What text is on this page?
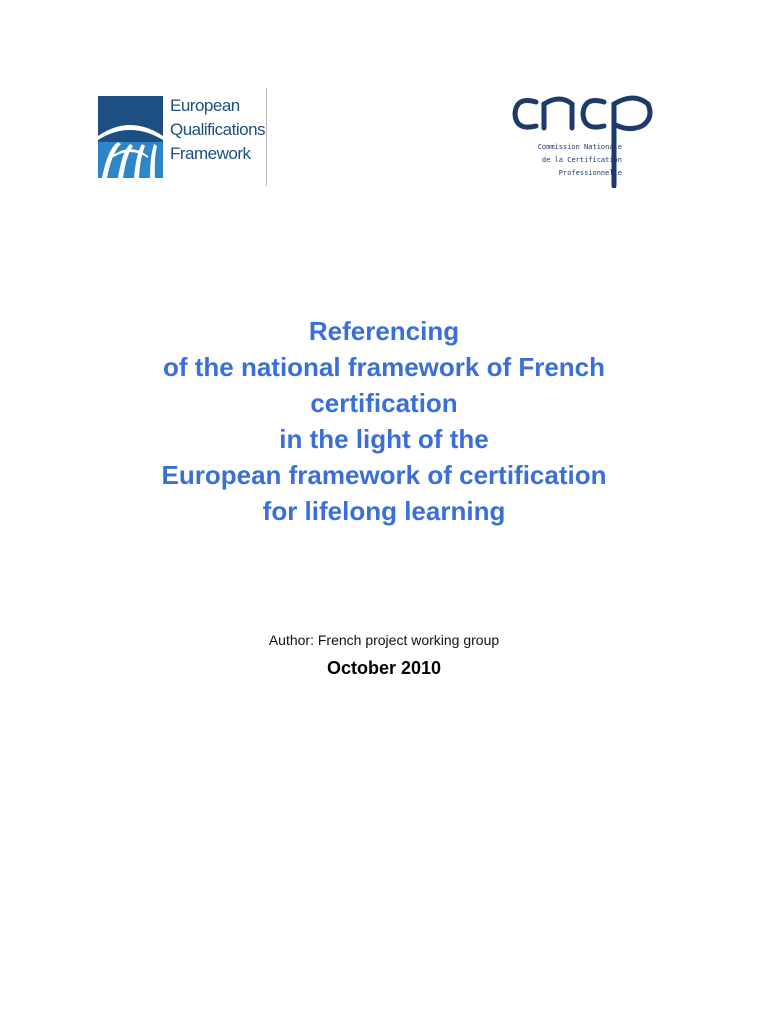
European
Qualifications
Framework	Commission Nationale
de la Certification
Professionnelle
Referencing
of the national framework of French
certification
in the light of the
European framework of certification
for lifelong learning
Author: French project working group
October 2010
